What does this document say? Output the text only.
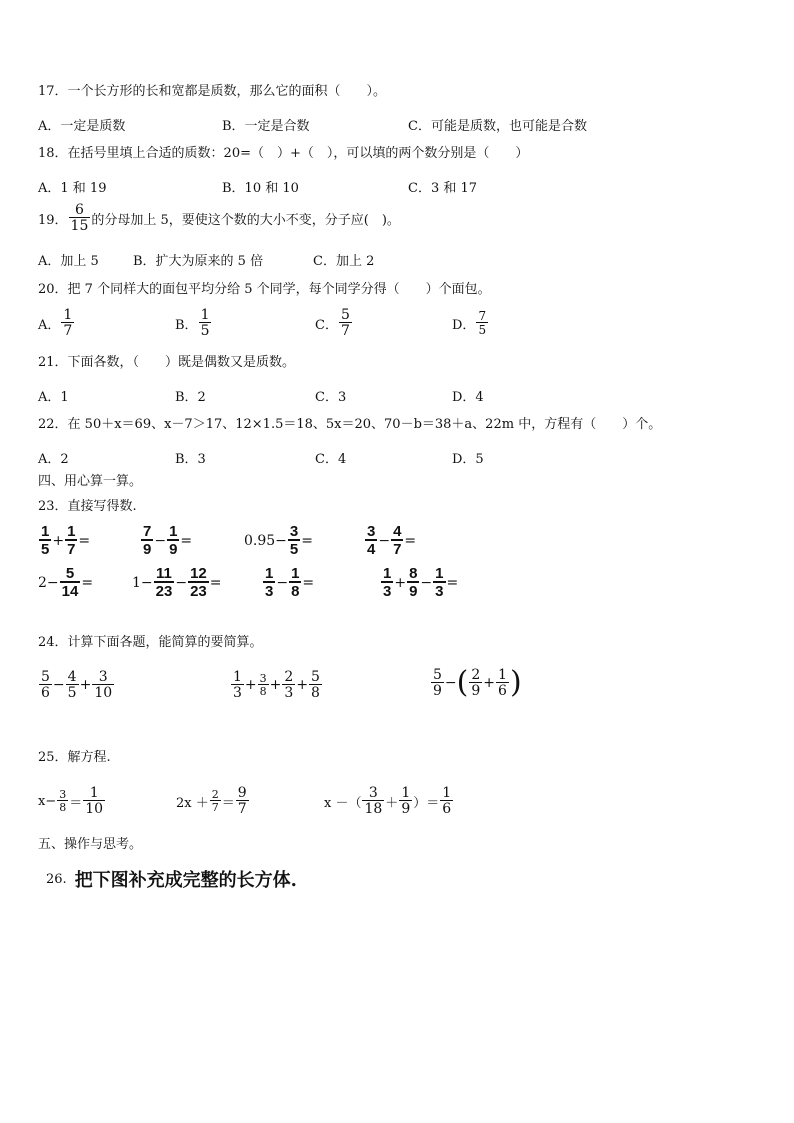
17．一个长方形的长和宽都是质数，那么它的面积（　　）。
A．一定是质数	B．一定是合数	C．可能是质数，也可能是合数
18．在括号里填上合适的质数：20=（　）+（　），可以填的两个数分别是（　　）
A．1 和 19	B．10 和 10	C．3 和 17
19． $\frac{6}{15}$ 的分母加上 5，要使这个数的大小不变，分子应(　)。
A．加上 5	B．扩大为原来的 5 倍	C．加上 2
20．把 7 个同样大的面包平均分给 5 个同学，每个同学分得（　　）个面包。
A． $\frac{1}{7}$	B． $\frac{1}{5}$	C． $\frac{5}{7}$	D． $\frac{7}{5}$
21．下面各数，（　　）既是偶数又是质数。
A．1	B．2	C．3	D．4
22．在 50＋x＝69、x－7＞17、12×1.5＝18、5x＝20、70－b＝38＋a、22m 中，方程有（　　）个。
A．2	B．3	C．4	D．5
四、用心算一算。
23．直接写得数.
$\frac{1}{5} + \frac{1}{7}$ =	$\frac{7}{9} - \frac{1}{9}$ =	$0.95- \frac{3}{5}$ =	$\frac{3}{4} - \frac{4}{7}$ =
$2- \frac{5}{14}$ =	$1- \frac{11}{23} - \frac{12}{23}$ =	$\frac{1}{3} - \frac{1}{8}$ =	$\frac{1}{3} + \frac{8}{9} - \frac{1}{3}$ =
24．计算下面各题，能简算的要简算。
$\frac{5}{6} - \frac{4}{5} + \frac{3}{10}$	$\frac{1}{3} + \frac{3}{8} + \frac{2}{3} + \frac{5}{8}$	$\frac{5}{9}$ − ( $\frac{2}{9} + \frac{1}{6}$ )
25．解方程.
$x- \frac{3}{8} = \frac{1}{10}$	$2x + \frac{2}{7} = \frac{9}{7}$	x －（ $\frac{3}{18} + \frac{1}{9}$ ）＝ $\frac{1}{6}$
五、操作与思考。
26. 把下图补充成完整的长方体.
